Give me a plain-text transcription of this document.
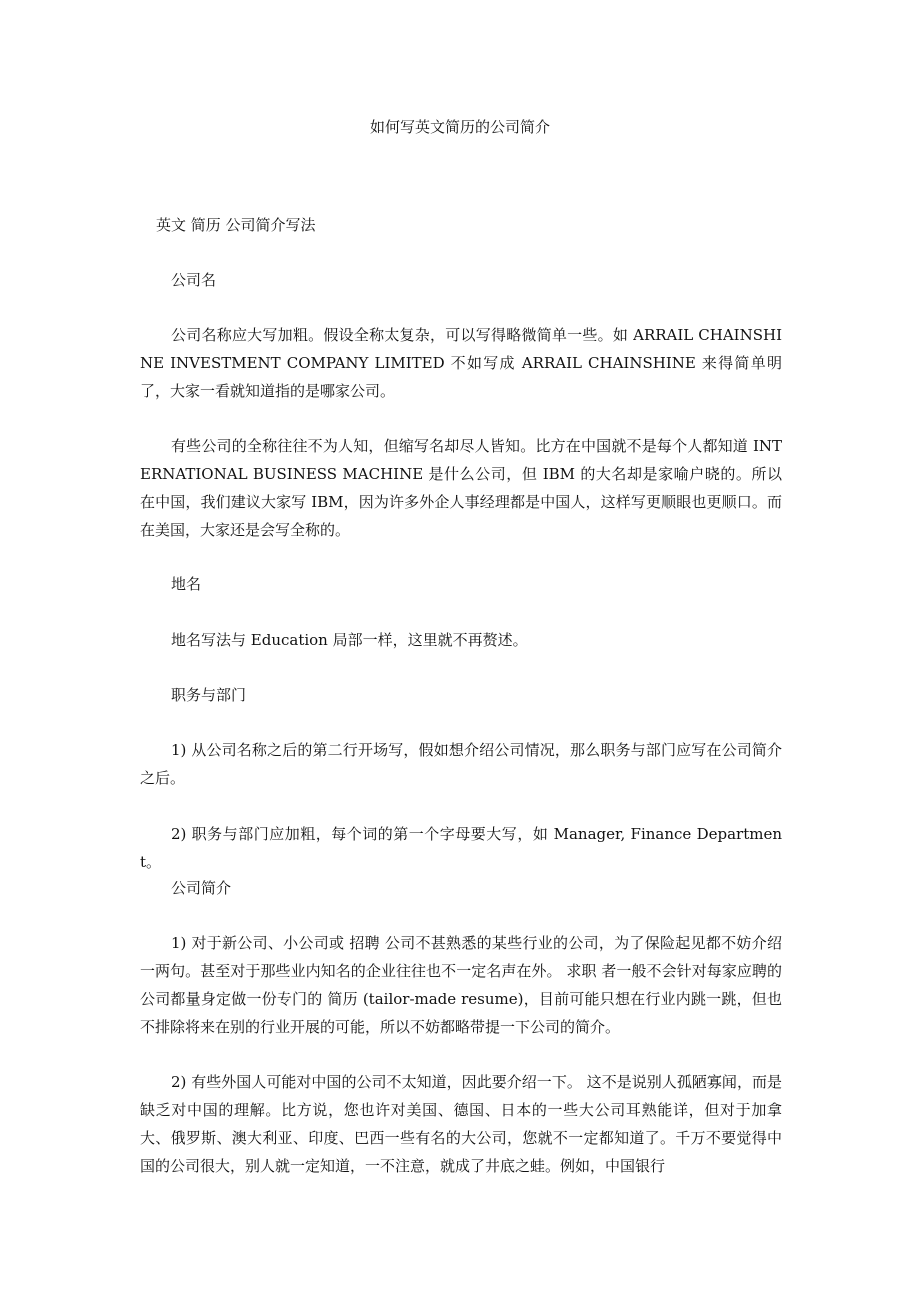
如何写英文简历的公司简介
英文 简历 公司简介写法
公司名
公司名称应大写加粗。假设全称太复杂，可以写得略微简单一些。如 ARRAIL CHAINSHINE INVESTMENT COMPANY LIMITED 不如写成 ARRAIL CHAINSHINE 来得简单明了，大家一看就知道指的是哪家公司。
有些公司的全称往往不为人知，但缩写名却尽人皆知。比方在中国就不是每个人都知道 INTERNATIONAL BUSINESS MACHINE 是什么公司，但 IBM 的大名却是家喻户晓的。所以在中国，我们建议大家写 IBM，因为许多外企人事经理都是中国人，这样写更顺眼也更顺口。而在美国，大家还是会写全称的。
地名
地名写法与 Education 局部一样，这里就不再赘述。
职务与部门
1) 从公司名称之后的第二行开场写，假如想介绍公司情况，那么职务与部门应写在公司简介之后。
2) 职务与部门应加粗，每个词的第一个字母要大写，如 Manager, Finance Department。
公司简介
1) 对于新公司、小公司或 招聘 公司不甚熟悉的某些行业的公司，为了保险起见都不妨介绍一两句。甚至对于那些业内知名的企业往往也不一定名声在外。 求职 者一般不会针对每家应聘的公司都量身定做一份专门的 简历 (tailor-made resume)，目前可能只想在行业内跳一跳，但也不排除将来在别的行业开展的可能，所以不妨都略带提一下公司的简介。
2) 有些外国人可能对中国的公司不太知道，因此要介绍一下。 这不是说别人孤陋寡闻，而是缺乏对中国的理解。比方说，您也许对美国、德国、日本的一些大公司耳熟能详，但对于加拿大、俄罗斯、澳大利亚、印度、巴西一些有名的大公司，您就不一定都知道了。千万不要觉得中国的公司很大，别人就一定知道，一不注意，就成了井底之蛙。例如，中国银行
